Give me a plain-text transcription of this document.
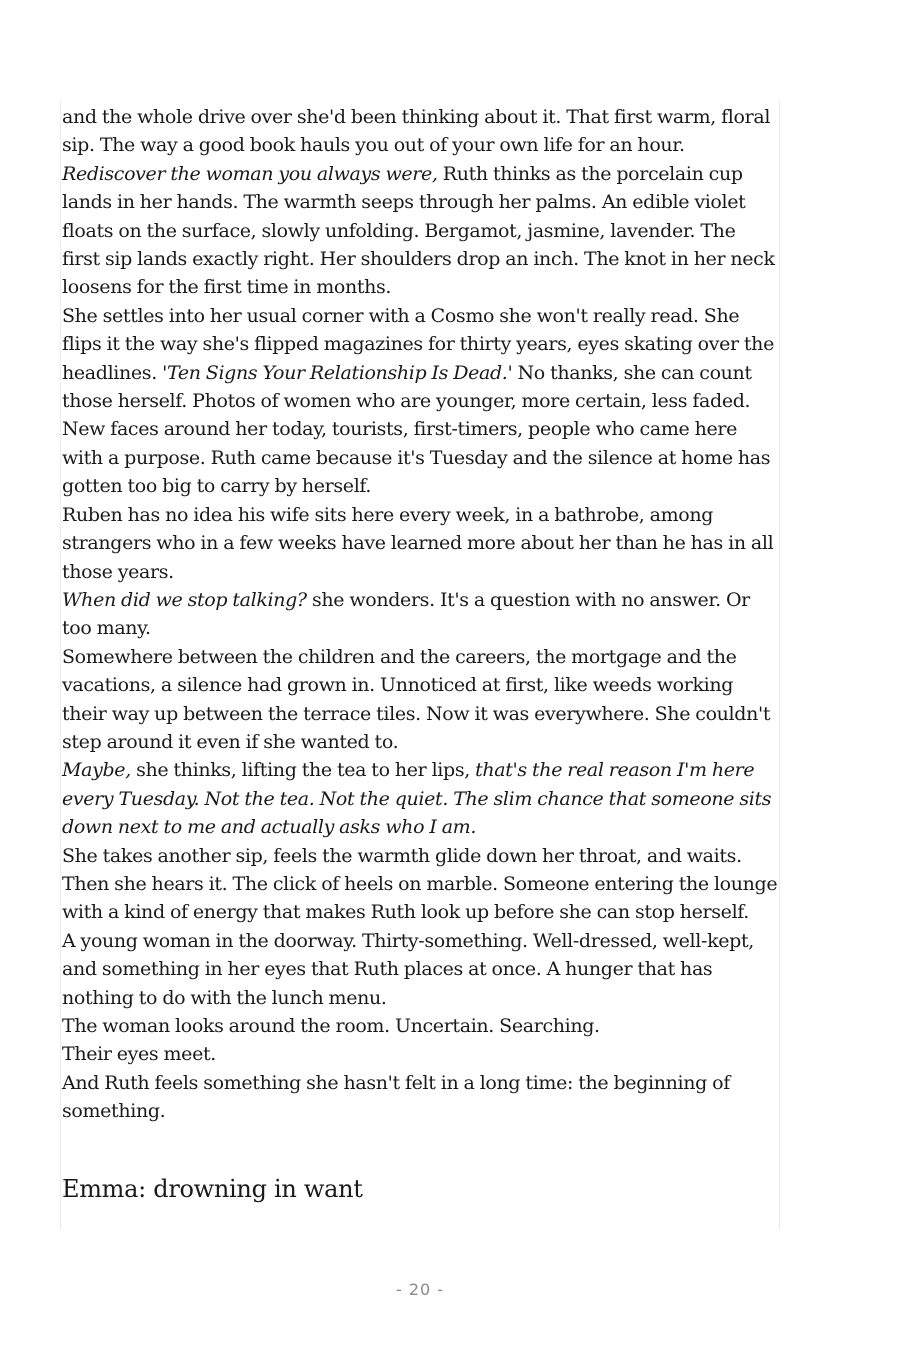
and the whole drive over she'd been thinking about it. That first warm, floral sip. The way a good book hauls you out of your own life for an hour. Rediscover the woman you always were, Ruth thinks as the porcelain cup lands in her hands. The warmth seeps through her palms. An edible violet floats on the surface, slowly unfolding. Bergamot, jasmine, lavender. The first sip lands exactly right. Her shoulders drop an inch. The knot in her neck loosens for the first time in months.

She settles into her usual corner with a Cosmo she won't really read. She flips it the way she's flipped magazines for thirty years, eyes skating over the headlines. 'Ten Signs Your Relationship Is Dead.' No thanks, she can count those herself. Photos of women who are younger, more certain, less faded. New faces around her today, tourists, first-timers, people who came here with a purpose. Ruth came because it's Tuesday and the silence at home has gotten too big to carry by herself.

Ruben has no idea his wife sits here every week, in a bathrobe, among strangers who in a few weeks have learned more about her than he has in all those years.

When did we stop talking? she wonders. It's a question with no answer. Or too many.

Somewhere between the children and the careers, the mortgage and the vacations, a silence had grown in. Unnoticed at first, like weeds working their way up between the terrace tiles. Now it was everywhere. She couldn't step around it even if she wanted to.

Maybe, she thinks, lifting the tea to her lips, that's the real reason I'm here every Tuesday. Not the tea. Not the quiet. The slim chance that someone sits down next to me and actually asks who I am.

She takes another sip, feels the warmth glide down her throat, and waits. Then she hears it. The click of heels on marble. Someone entering the lounge with a kind of energy that makes Ruth look up before she can stop herself.

A young woman in the doorway. Thirty-something. Well-dressed, well-kept, and something in her eyes that Ruth places at once. A hunger that has nothing to do with the lunch menu.

The woman looks around the room. Uncertain. Searching.

Their eyes meet.

And Ruth feels something she hasn't felt in a long time: the beginning of something.

Emma: drowning in want
- 20 -
